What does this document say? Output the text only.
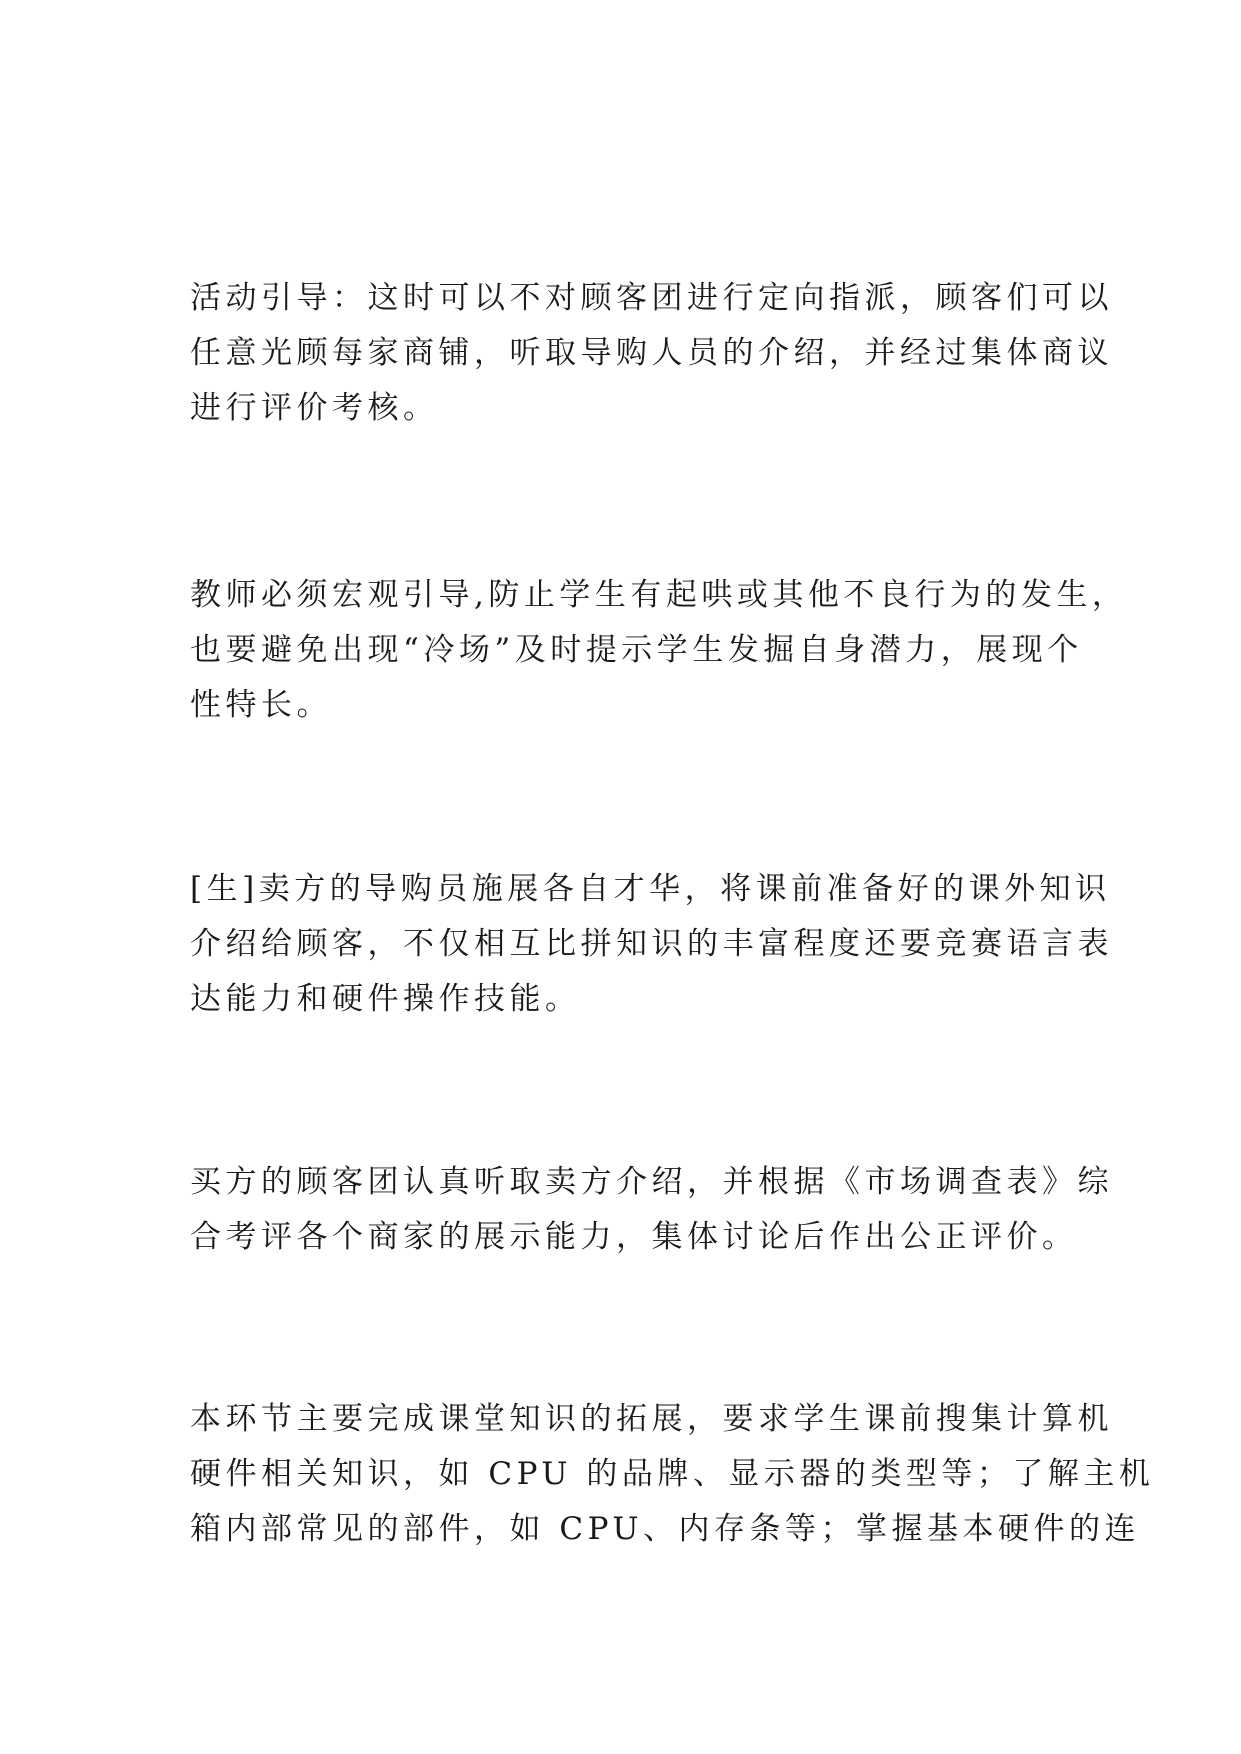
活动引导：这时可以不对顾客团进行定向指派，顾客们可以
任意光顾每家商铺，听取导购人员的介绍，并经过集体商议
进行评价考核。

教师必须宏观引导,防止学生有起哄或其他不良行为的发生，
也要避免出现“冷场”及时提示学生发掘自身潜力，展现个
性特长。

[生]卖方的导购员施展各自才华，将课前准备好的课外知识
介绍给顾客，不仅相互比拼知识的丰富程度还要竞赛语言表
达能力和硬件操作技能。

买方的顾客团认真听取卖方介绍，并根据《市场调查表》综
合考评各个商家的展示能力，集体讨论后作出公正评价。

本环节主要完成课堂知识的拓展，要求学生课前搜集计算机
硬件相关知识，如 CPU 的品牌、显示器的类型等；了解主机
箱内部常见的部件，如 CPU、内存条等；掌握基本硬件的连
